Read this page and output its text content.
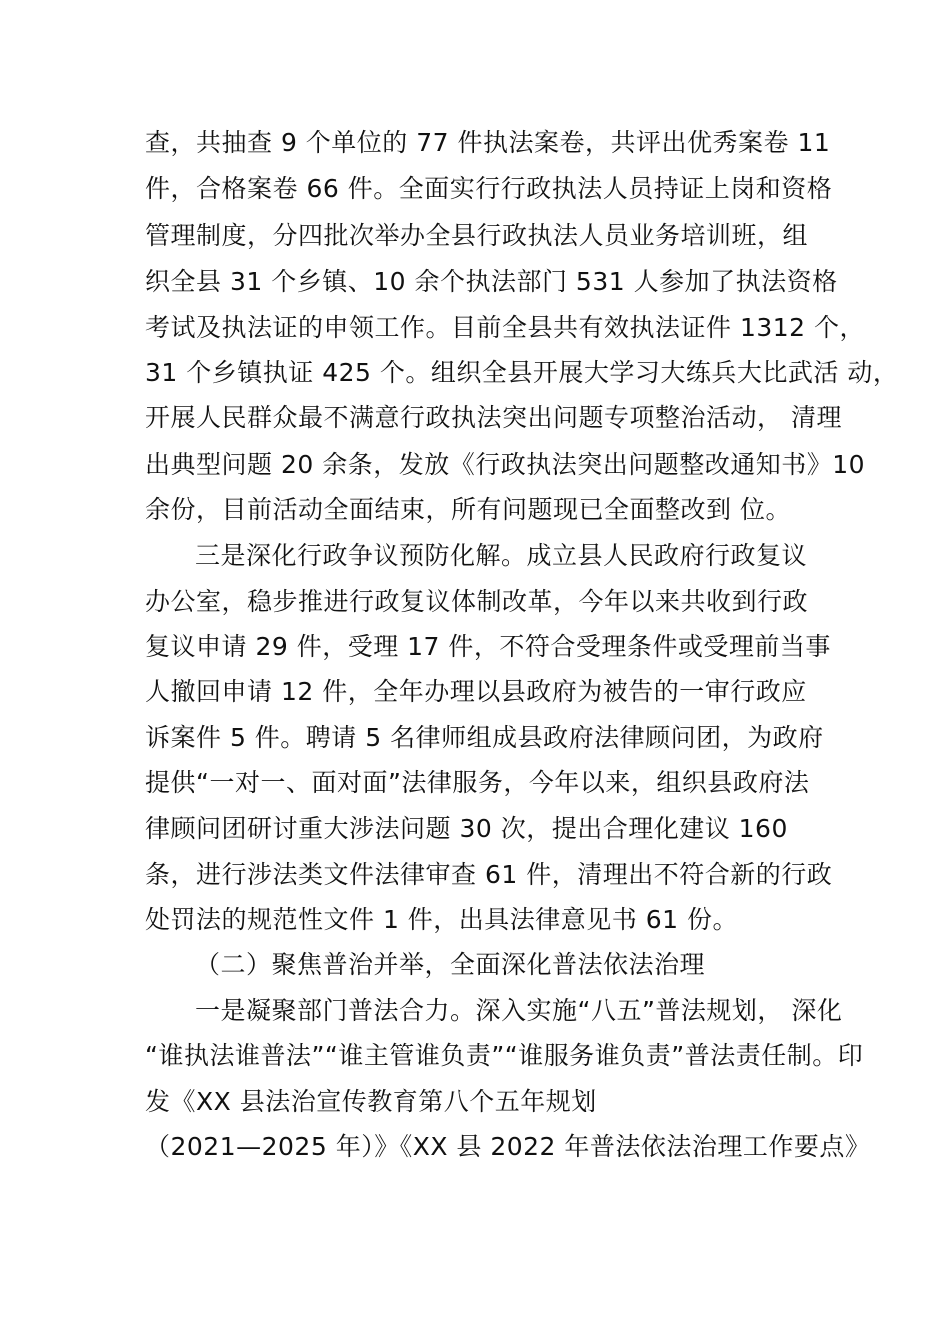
查，共抽查 9 个单位的 77 件执法案卷，共评出优秀案卷 11
件，合格案卷 66 件。全面实行行政执法人员持证上岗和资格
管理制度，分四批次举办全县行政执法人员业务培训班，组
织全县 31 个乡镇、10 余个执法部门 531 人参加了执法资格
考试及执法证的申领工作。目前全县共有效执法证件 1312 个，
31 个乡镇执证 425 个。组织全县开展大学习大练兵大比武活 动，
开展人民群众最不满意行政执法突出问题专项整治活动， 清理
出典型问题 20 余条，发放《行政执法突出问题整改通知书》10
余份，目前活动全面结束，所有问题现已全面整改到 位。
三是深化行政争议预防化解。成立县人民政府行政复议
办公室，稳步推进行政复议体制改革，今年以来共收到行政
复议申请 29 件，受理 17 件，不符合受理条件或受理前当事
人撤回申请 12 件，全年办理以县政府为被告的一审行政应
诉案件 5 件。聘请 5 名律师组成县政府法律顾问团，为政府
提供“一对一、面对面”法律服务，今年以来，组织县政府法
律顾问团研讨重大涉法问题 30 次，提出合理化建议 160
条，进行涉法类文件法律审查 61 件，清理出不符合新的行政
处罚法的规范性文件 1 件，出具法律意见书 61 份。
（二）聚焦普治并举，全面深化普法依法治理
一是凝聚部门普法合力。深入实施“八五”普法规划， 深化
“谁执法谁普法”“谁主管谁负责”“谁服务谁负责”普法责任制。印
发《XX 县法治宣传教育第八个五年规划
（2021—2025 年）》《XX 县 2022 年普法依法治理工作要点》
